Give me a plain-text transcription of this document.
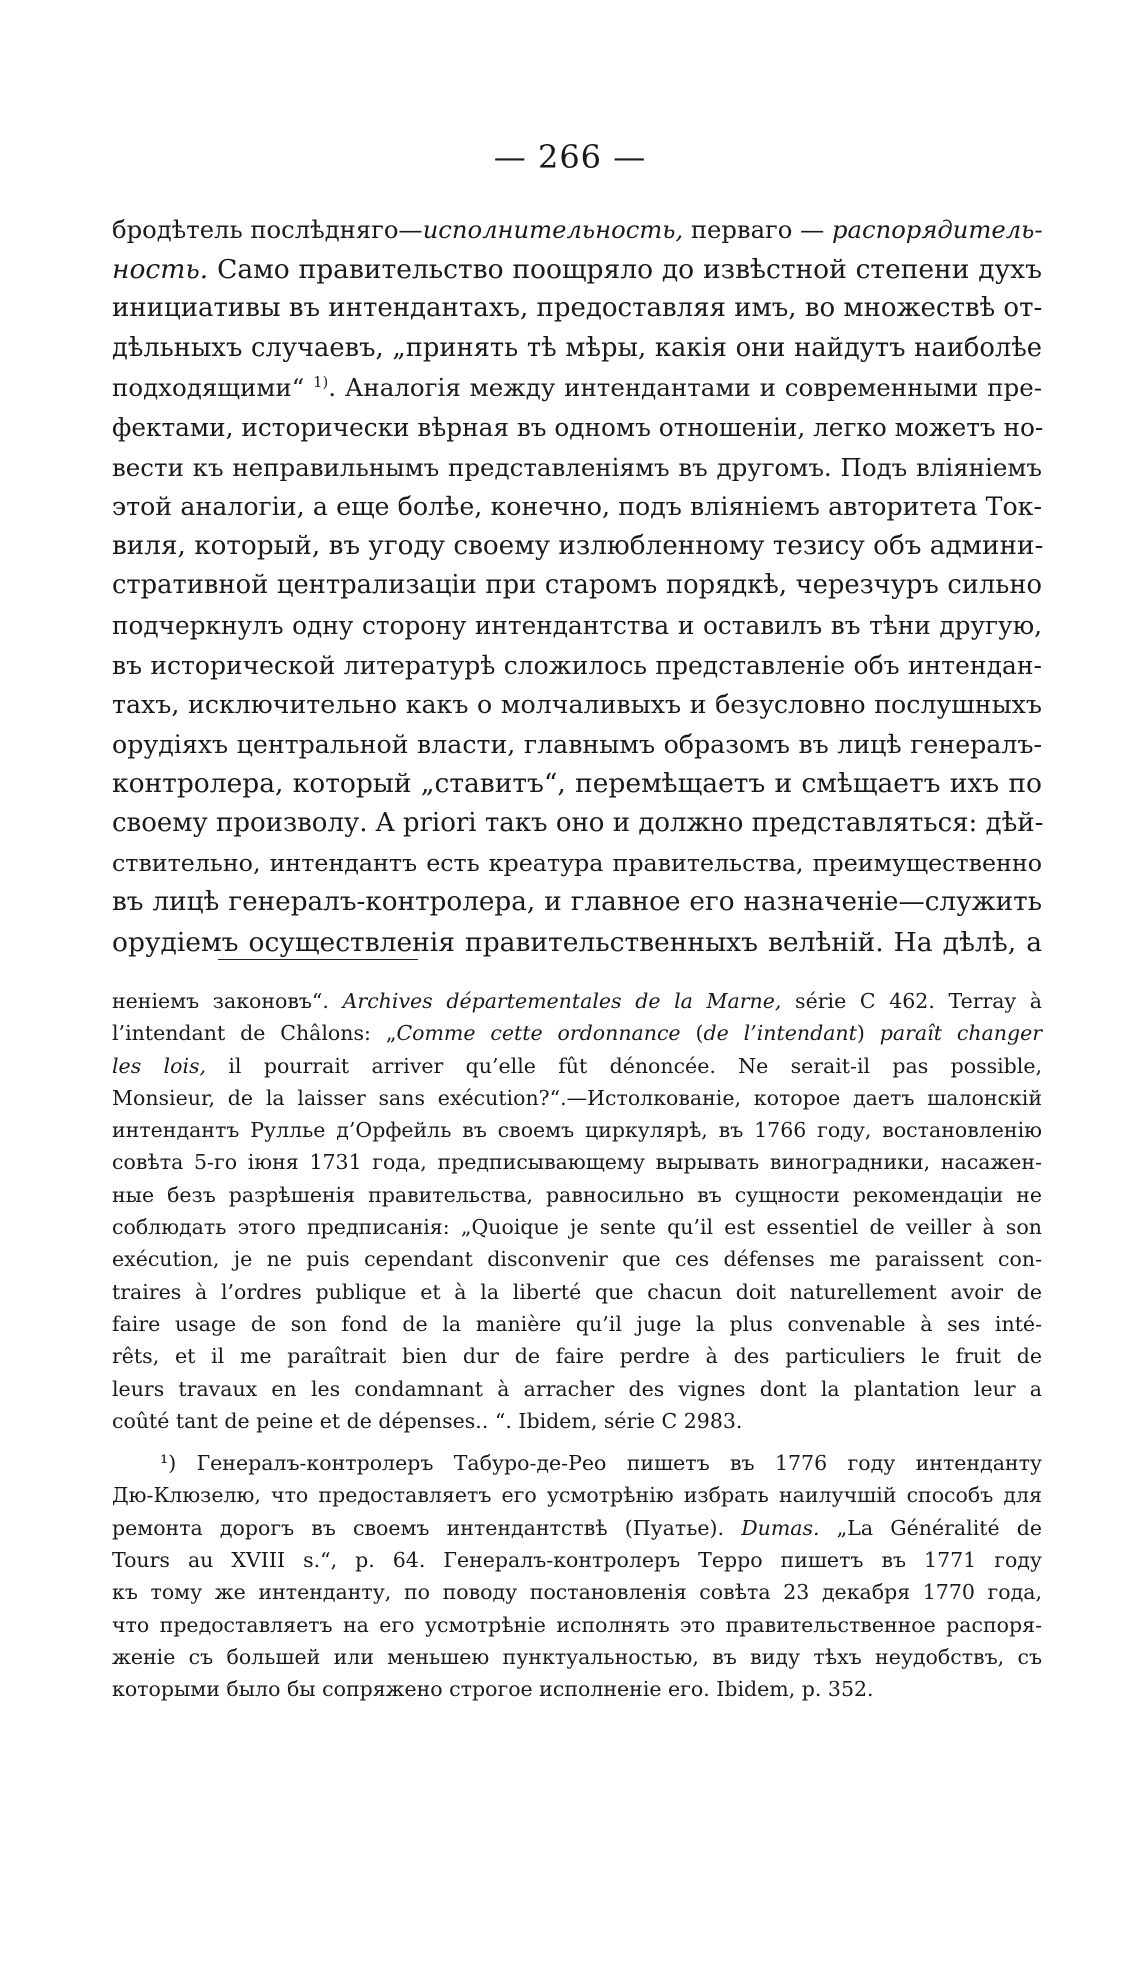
— 266 —
бродѣтель послѣдняго—исполнительность, перваго — распорядитель-
ность. Само правительство поощряло до извѣстной степени духъ
инициативы въ интендантахъ, предоставляя имъ, во множествѣ от-
дѣльныхъ случаевъ, „принять тѣ мѣры, какія они найдутъ наиболѣе
подходящими“ $^{1)}$. Аналогія между интендантами и современными пре-
фектами, исторически вѣрная въ одномъ отношеніи, легко можетъ но-
вести къ неправильнымъ представленіямъ въ другомъ. Подъ вліяніемъ
этой аналогіи, а еще болѣе, конечно, подъ вліяніемъ авторитета Ток-
виля, который, въ угоду своему излюбленному тезису объ админи-
стративной централизаціи при старомъ порядкѣ, черезчуръ сильно
подчеркнулъ одну сторону интендантства и оставилъ въ тѣни другую,
въ исторической литературѣ сложилось представленіе объ интендан-
тахъ, исключительно какъ о молчаливыхъ и безусловно послушныхъ
орудіяхъ центральной власти, главнымъ образомъ въ лицѣ генералъ-
контролера, который „ставитъ“, перемѣщаетъ и смѣщаетъ ихъ по
своему произволу. A priori такъ оно и должно представляться: дѣй-
ствительно, интендантъ есть креатура правительства, преимущественно
въ лицѣ генералъ-контролера, и главное его назначеніе—служить
орудіемъ осуществленія правительственныхъ велѣній. На дѣлѣ, а
неніемъ законовъ“. Archives départementales de la Marne, série C 462. Terray à
l’intendant de Châlons: „Comme cette ordonnance (de l’intendant) paraît changer
les lois, il pourrait arriver qu’elle fût dénoncée. Ne serait-il pas possible,
Monsieur, de la laisser sans exécution?“.—Истолкованіе, которое даетъ шалонскій
интендантъ Руллье д’Орфейль въ своемъ циркулярѣ, въ 1766 году, востановленію
совѣта 5-го іюня 1731 года, предписывающему вырывать виноградники, насажен-
ные безъ разрѣшенія правительства, равносильно въ сущности рекомендаціи не
соблюдать этого предписанія: „Quoique je sente qu’il est essentiel de veiller à son
exécution, je ne puis cependant disconvenir que ces défenses me paraissent con-
traires à l’ordres publique et à la liberté que chacun doit naturellement avoir de
faire usage de son fond de la manière qu’il juge la plus convenable à ses inté-
rêts, et il me paraîtrait bien dur de faire perdre à des particuliers le fruit de
leurs travaux en les condamnant à arracher des vignes dont la plantation leur a
coûté tant de peine et de dépenses.. “. Ibidem, série C 2983.
¹) Генералъ-контролеръ Табуро-де-Рео пишетъ въ 1776 году интенданту
Дю-Клюзелю, что предоставляетъ его усмотрѣнію избрать наилучшій способъ для
ремонта дорогъ въ своемъ интендантствѣ (Пуатье). Dumas. „La Généralité de
Tours au XVIII s.“, p. 64. Генералъ-контролеръ Терро пишетъ въ 1771 году
къ тому же интенданту, по поводу постановленія совѣта 23 декабря 1770 года,
что предоставляетъ на его усмотрѣніе исполнять это правительственное распоря-
женіе съ большей или меньшею пунктуальностью, въ виду тѣхъ неудобствъ, съ
которыми было бы сопряжено строгое исполненіе его. Ibidem, p. 352.
